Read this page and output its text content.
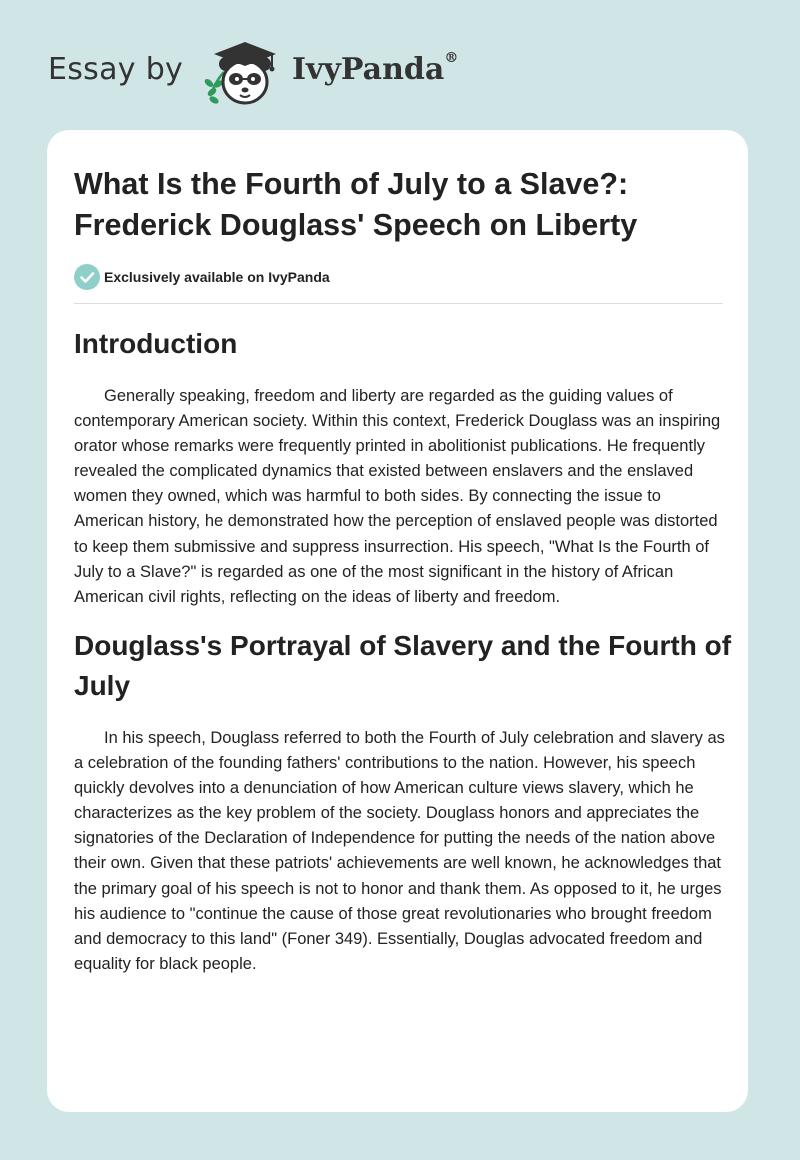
Essay by	IvyPanda®
What Is the Fourth of July to a Slave?: Frederick Douglass' Speech on Liberty
Exclusively available on IvyPanda
Introduction

Generally speaking, freedom and liberty are regarded as the guiding values of contemporary American society. Within this context, Frederick Douglass was an inspiring orator whose remarks were frequently printed in abolitionist publications. He frequently revealed the complicated dynamics that existed between enslavers and the enslaved women they owned, which was harmful to both sides. By connecting the issue to American history, he demonstrated how the perception of enslaved people was distorted to keep them submissive and suppress insurrection. His speech, "What Is the Fourth of July to a Slave?" is regarded as one of the most significant in the history of African American civil rights, reflecting on the ideas of liberty and freedom.

Douglass's Portrayal of Slavery and the Fourth of July

In his speech, Douglass referred to both the Fourth of July celebration and slavery as a celebration of the founding fathers' contributions to the nation. However, his speech quickly devolves into a denunciation of how American culture views slavery, which he characterizes as the key problem of the society. Douglass honors and appreciates the signatories of the Declaration of Independence for putting the needs of the nation above their own. Given that these patriots' achievements are well known, he acknowledges that the primary goal of his speech is not to honor and thank them. As opposed to it, he urges his audience to "continue the cause of those great revolutionaries who brought freedom and democracy to this land" (Foner 349). Essentially, Douglas advocated freedom and equality for black people.
